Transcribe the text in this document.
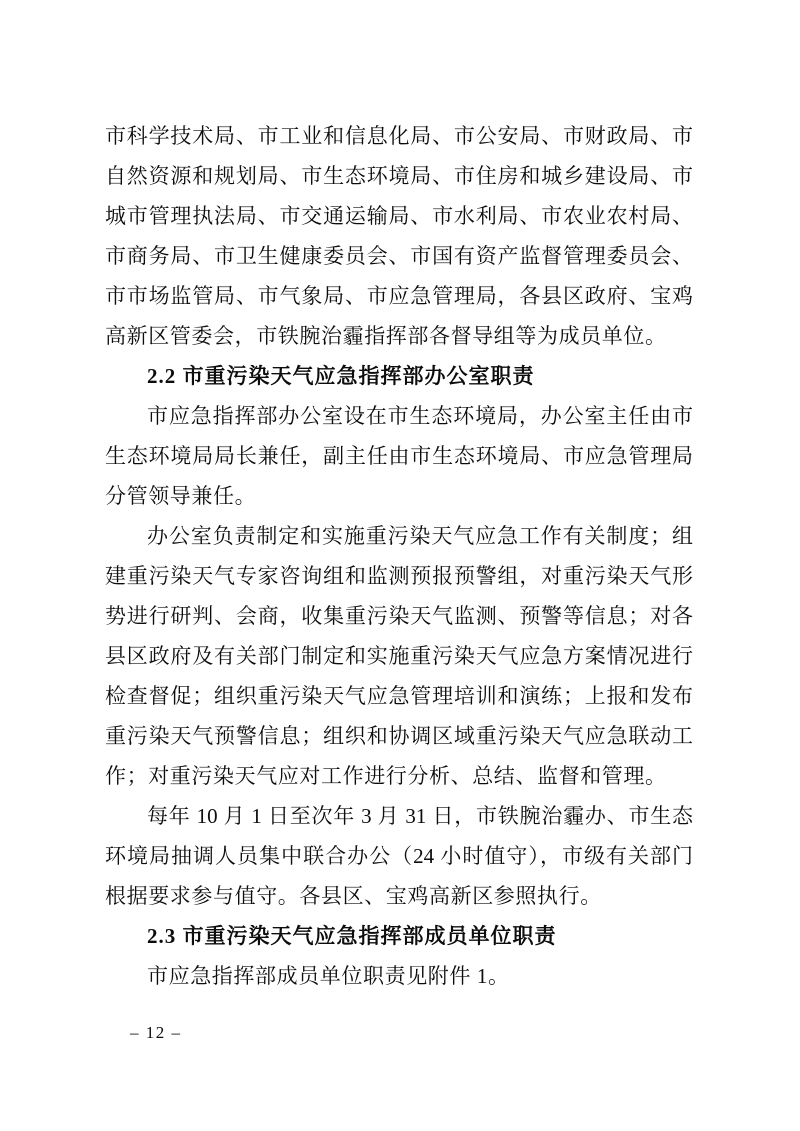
市科学技术局、市工业和信息化局、市公安局、市财政局、市
自然资源和规划局、市生态环境局、市住房和城乡建设局、市
城市管理执法局、市交通运输局、市水利局、市农业农村局、
市商务局、市卫生健康委员会、市国有资产监督管理委员会、
市市场监管局、市气象局、市应急管理局，各县区政府、宝鸡
高新区管委会，市铁腕治霾指挥部各督导组等为成员单位。
2.2 市重污染天气应急指挥部办公室职责
市应急指挥部办公室设在市生态环境局，办公室主任由市
生态环境局局长兼任，副主任由市生态环境局、市应急管理局
分管领导兼任。
办公室负责制定和实施重污染天气应急工作有关制度；组
建重污染天气专家咨询组和监测预报预警组，对重污染天气形
势进行研判、会商，收集重污染天气监测、预警等信息；对各
县区政府及有关部门制定和实施重污染天气应急方案情况进行
检查督促；组织重污染天气应急管理培训和演练；上报和发布
重污染天气预警信息；组织和协调区域重污染天气应急联动工
作；对重污染天气应对工作进行分析、总结、监督和管理。
每年 10 月 1 日至次年 3 月 31 日，市铁腕治霾办、市生态
环境局抽调人员集中联合办公（24 小时值守），市级有关部门
根据要求参与值守。各县区、宝鸡高新区参照执行。
2.3 市重污染天气应急指挥部成员单位职责
市应急指挥部成员单位职责见附件 1。
– 12 –
